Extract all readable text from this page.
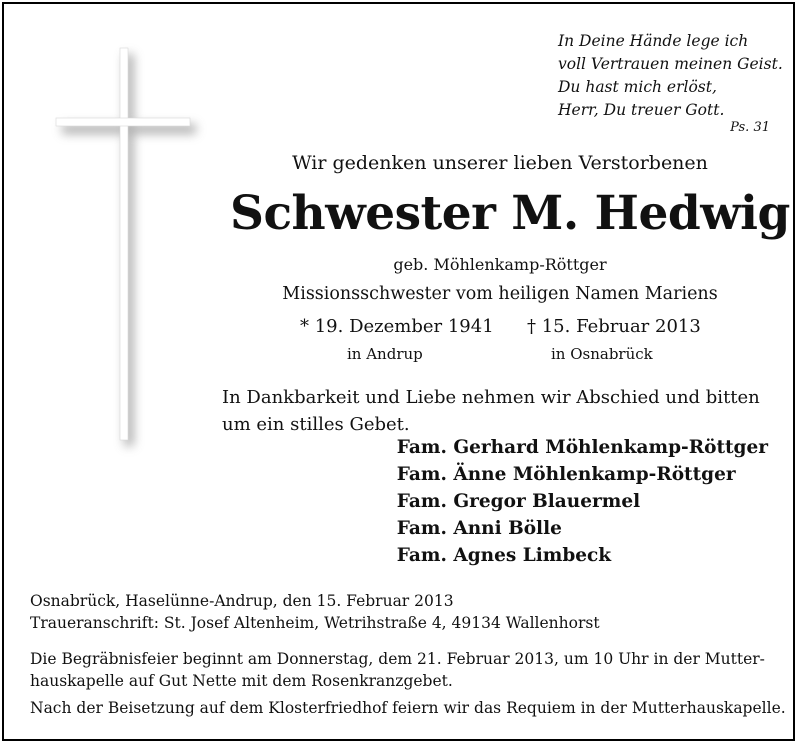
In Deine Hände lege ich
voll Vertrauen meinen Geist.
Du hast mich erlöst,
Herr, Du treuer Gott.
Ps. 31
Wir gedenken unserer lieben Verstorbenen
Schwester M. Hedwig
geb. Möhlenkamp-Röttger
Missionsschwester vom heiligen Namen Mariens
* 19. Dezember 1941
in Andrup
† 15. Februar 2013
in Osnabrück
In Dankbarkeit und Liebe nehmen wir Abschied und bitten um ein stilles Gebet.
Fam. Gerhard Möhlenkamp-Röttger
Fam. Änne Möhlenkamp-Röttger
Fam. Gregor Blauermel
Fam. Anni Bölle
Fam. Agnes Limbeck
Osnabrück, Haselünne-Andrup, den 15. Februar 2013
Traueranschrift: St. Josef Altenheim, Wetrihstraße 4, 49134 Wallenhorst
Die Begräbnisfeier beginnt am Donnerstag, dem 21. Februar 2013, um 10 Uhr in der Mutter-
hauskapelle auf Gut Nette mit dem Rosenkranzgebet.
Nach der Beisetzung auf dem Klosterfriedhof feiern wir das Requiem in der Mutterhauskapelle.
